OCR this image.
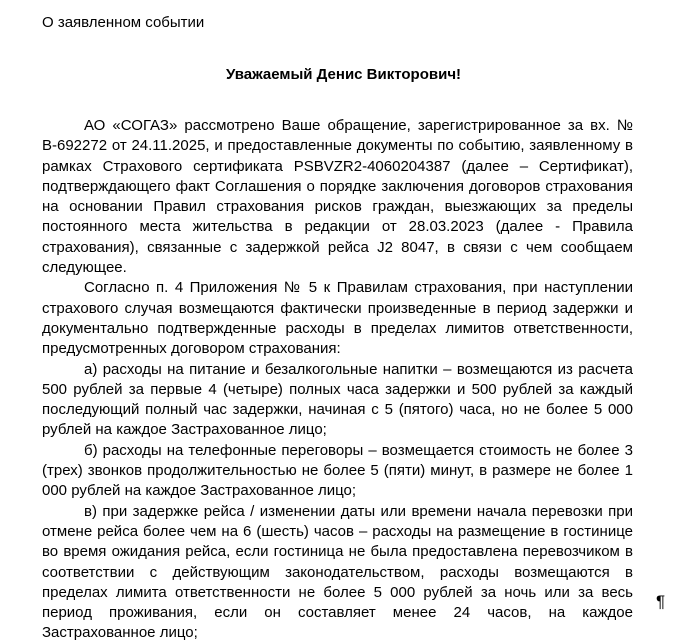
О заявленном событии
Уважаемый Денис Викторович!

АО «СОГАЗ» рассмотрено Ваше обращение, зарегистрированное за вх. № В-692272 от 24.11.2025, и предоставленные документы по событию, заявленному в рамках Страхового сертификата PSBVZR2-4060204387 (далее – Сертификат), подтверждающего факт Соглашения о порядке заключения договоров страхования на основании Правил страхования рисков граждан, выезжающих за пределы постоянного места жительства в редакции от 28.03.2023 (далее - Правила страхования), связанные с задержкой рейса J2 8047, в связи с чем сообщаем следующее.

Согласно п. 4 Приложения № 5 к Правилам страхования, при наступлении страхового случая возмещаются фактически произведенные в период задержки и документально подтвержденные расходы в пределах лимитов ответственности, предусмотренных договором страхования:

а) расходы на питание и безалкогольные напитки – возмещаются из расчета 500 рублей за первые 4 (четыре) полных часа задержки и 500 рублей за каждый последующий полный час задержки, начиная с 5 (пятого) часа, но не более 5 000 рублей на каждое Застрахованное лицо;

б) расходы на телефонные переговоры – возмещается стоимость не более 3 (трех) звонков продолжительностью не более 5 (пяти) минут, в размере не более 1 000 рублей на каждое Застрахованное лицо;

в) при задержке рейса / изменении даты или времени начала перевозки при отмене рейса более чем на 6 (шесть) часов – расходы на размещение в гостинице во время ожидания рейса, если гостиница не была предоставлена перевозчиком в соответствии с действующим законодательством, расходы возмещаются в пределах лимита ответственности не более 5 000 рублей за ночь или за весь период проживания, если он составляет менее 24 часов, на каждое Застрахованное лицо;

¶
